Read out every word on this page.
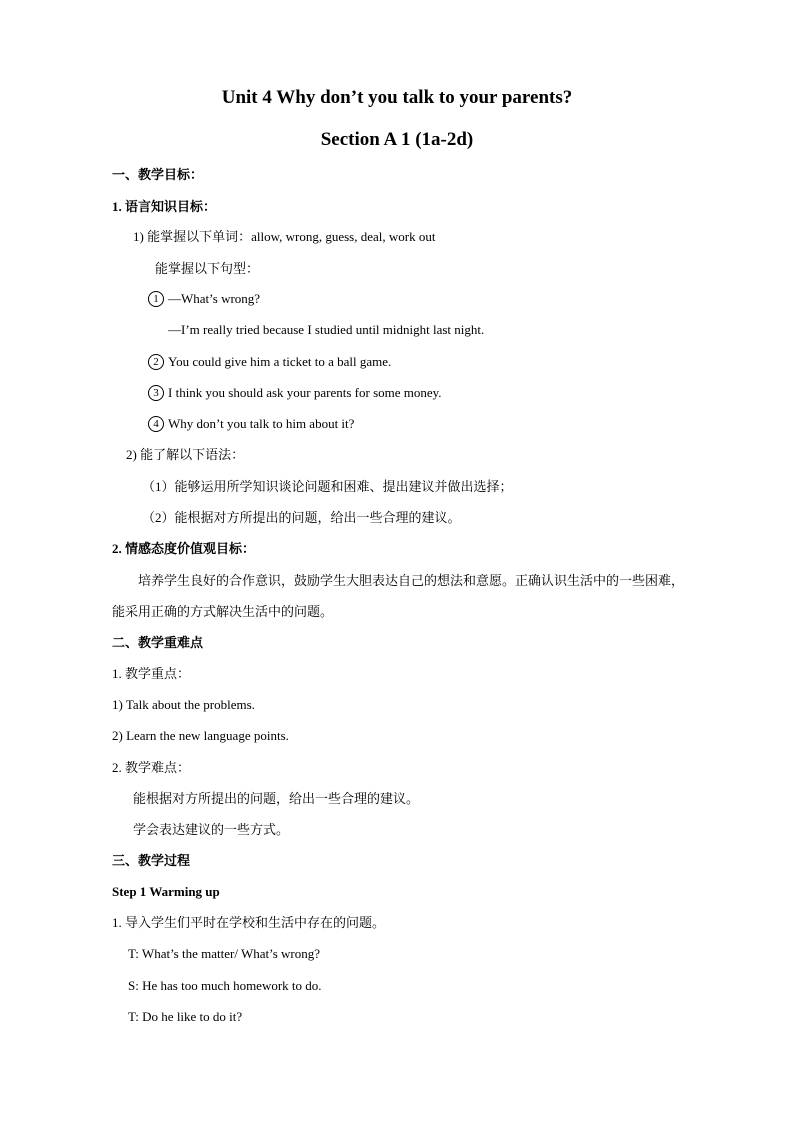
Unit 4 Why don’t you talk to your parents?
Section A 1 (1a-2d)
一、教学目标：
1. 语言知识目标：
1) 能掌握以下单词：allow, wrong, guess, deal, work out
能掌握以下句型：
1 —What’s wrong?
—I’m really tried because I studied until midnight last night.
2 You could give him a ticket to a ball game.
3 I think you should ask your parents for some money.
4 Why don’t you talk to him about it?
2) 能了解以下语法：
（1）能够运用所学知识谈论问题和困难、提出建议并做出选择；
（2）能根据对方所提出的问题，给出一些合理的建议。
2. 情感态度价值观目标：
培养学生良好的合作意识，鼓励学生大胆表达自己的想法和意愿。正确认识生活中的一些困难，能采用正确的方式解决生活中的问题。
二、教学重难点
1. 教学重点：
1) Talk about the problems.
2) Learn the new language points.
2. 教学难点：
能根据对方所提出的问题，给出一些合理的建议。
学会表达建议的一些方式。
三、教学过程
Step 1 Warming up
1. 导入学生们平时在学校和生活中存在的问题。
T: What’s the matter/ What’s wrong?
S: He has too much homework to do.
T: Do he like to do it?
